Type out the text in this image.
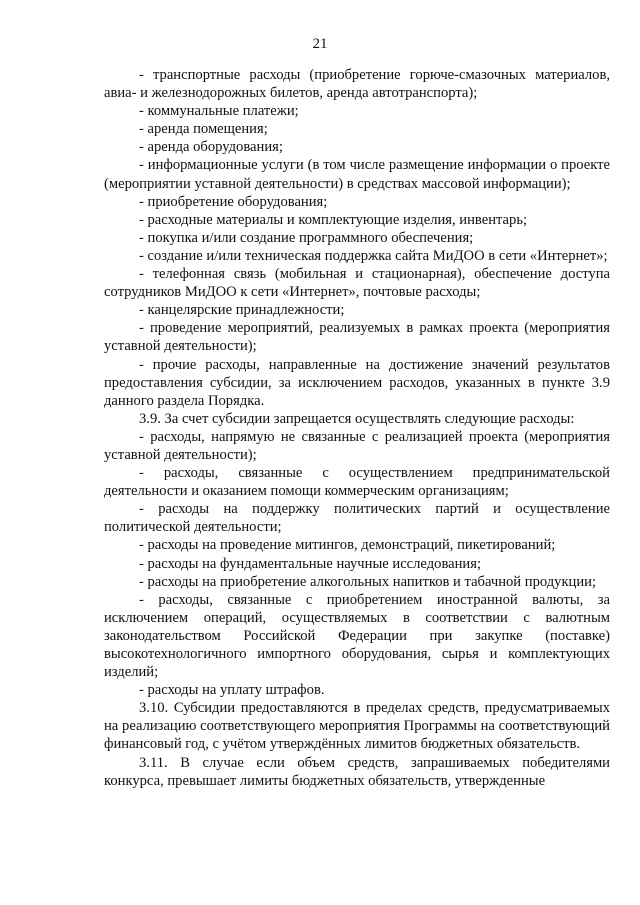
21

- транспортные расходы (приобретение горюче-смазочных материалов, авиа- и железнодорожных билетов, аренда автотранспорта);

- коммунальные платежи;

- аренда помещения;

- аренда оборудования;

- информационные услуги (в том числе размещение информации о проекте (мероприятии уставной деятельности) в средствах массовой информации);

- приобретение оборудования;

- расходные материалы и комплектующие изделия, инвентарь;

- покупка и/или создание программного обеспечения;

- создание и/или техническая поддержка сайта МиДОО в сети «Интернет»;

- телефонная связь (мобильная и стационарная), обеспечение доступа сотрудников МиДОО к сети «Интернет», почтовые расходы;

- канцелярские принадлежности;

- проведение мероприятий, реализуемых в рамках проекта (мероприятия уставной деятельности);

- прочие расходы, направленные на достижение значений результатов предоставления субсидии, за исключением расходов, указанных в пункте 3.9 данного раздела Порядка.

3.9. За счет субсидии запрещается осуществлять следующие расходы:

- расходы, напрямую не связанные с реализацией проекта (мероприятия уставной деятельности);

- расходы, связанные с осуществлением предпринимательской деятельности и оказанием помощи коммерческим организациям;

- расходы на поддержку политических партий и осуществление политической деятельности;

- расходы на проведение митингов, демонстраций, пикетирований;

- расходы на фундаментальные научные исследования;

- расходы на приобретение алкогольных напитков и табачной продукции;

- расходы, связанные с приобретением иностранной валюты, за исключением операций, осуществляемых в соответствии с валютным законодательством Российской Федерации при закупке (поставке) высокотехнологичного импортного оборудования, сырья и комплектующих изделий;

- расходы на уплату штрафов.

3.10. Субсидии предоставляются в пределах средств, предусматриваемых на реализацию соответствующего мероприятия Программы на соответствующий финансовый год, с учётом утверждённых лимитов бюджетных обязательств.

3.11. В случае если объем средств, запрашиваемых победителями конкурса, превышает лимиты бюджетных обязательств, утвержденные
